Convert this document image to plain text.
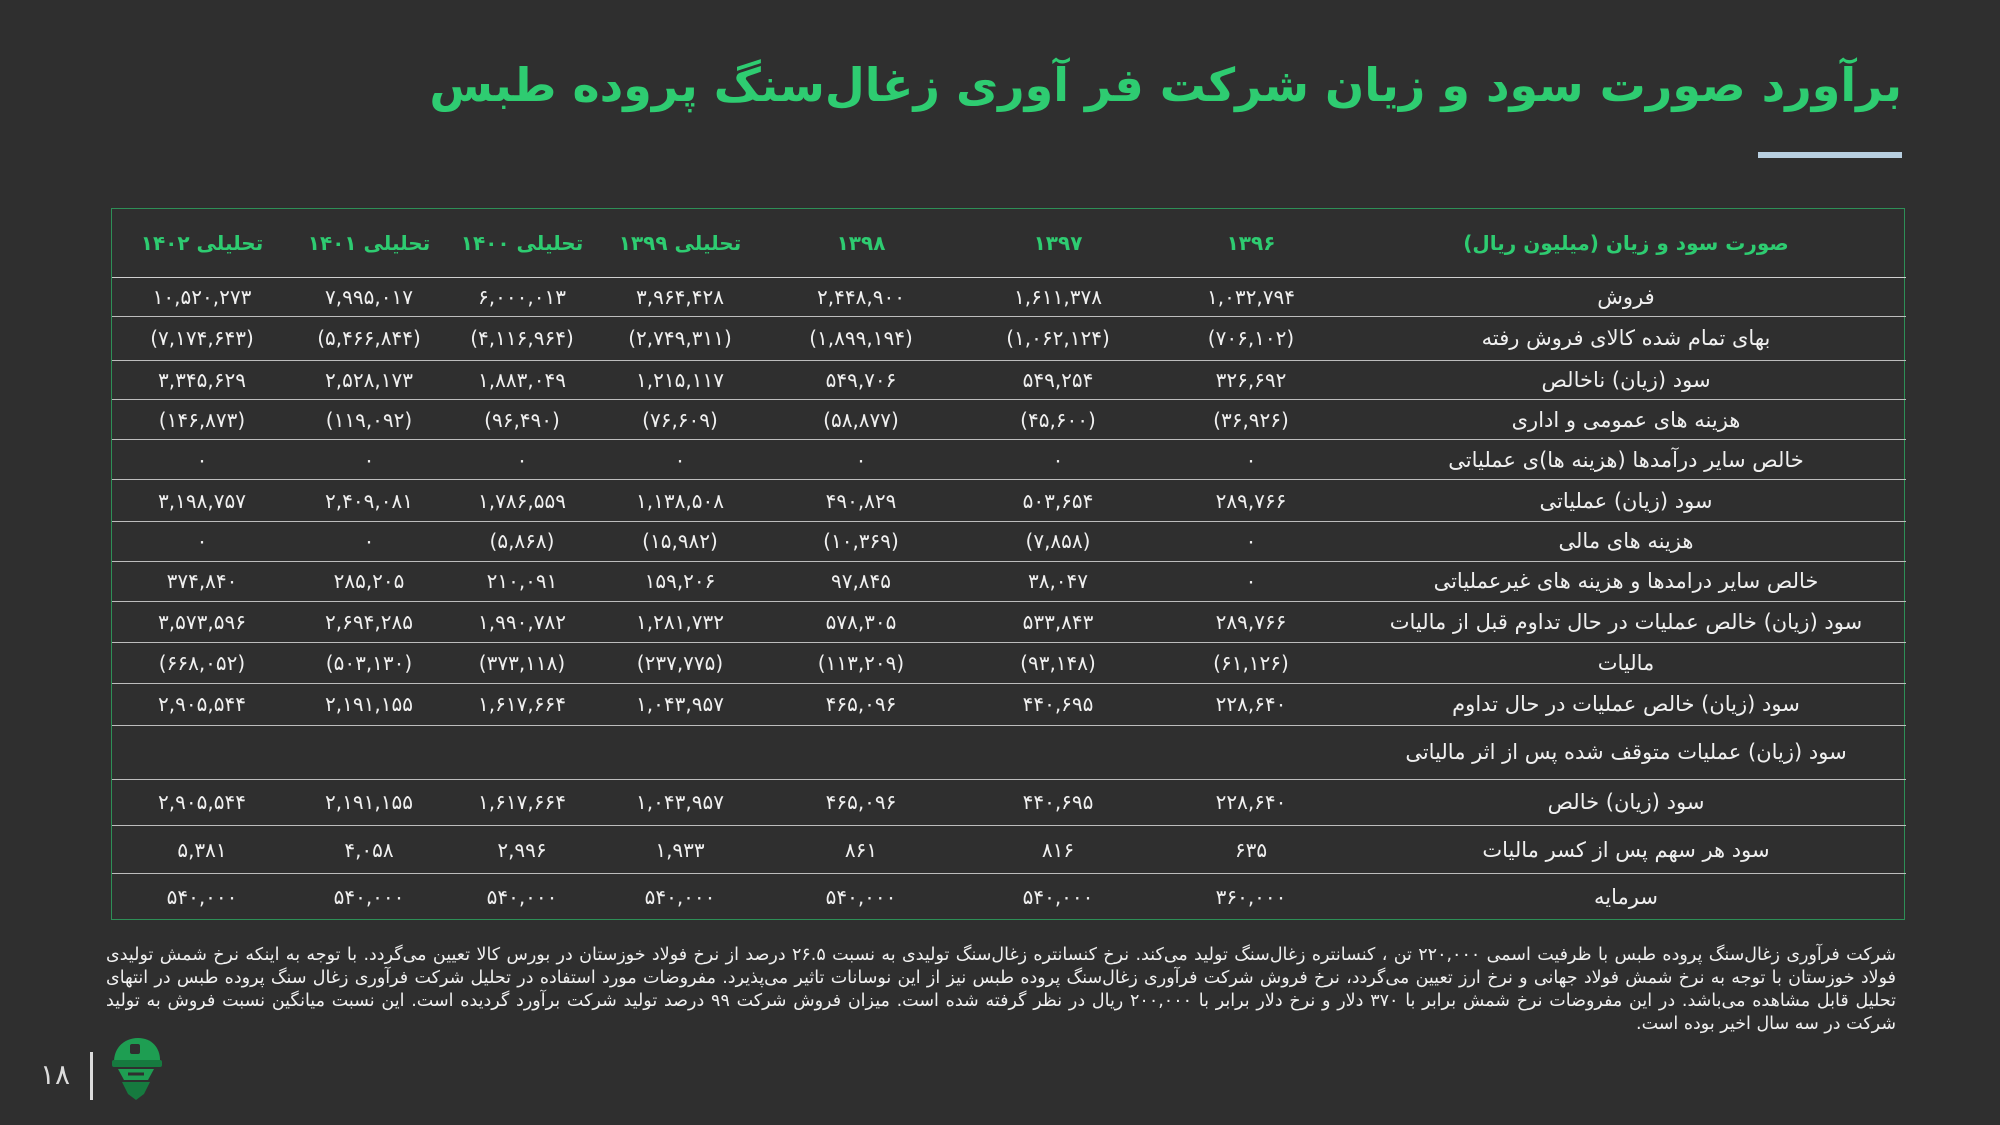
برآورد صورت سود و زیان شرکت فر آوری زغال‌سنگ پروده طبس
صورت سود و زیان (میلیون ریال)	۱۳۹۶	۱۳۹۷	۱۳۹۸	تحلیلی ۱۳۹۹	تحلیلی ۱۴۰۰	تحلیلی ۱۴۰۱	تحلیلی ۱۴۰۲
فروش	۱,۰۳۲,۷۹۴	۱,۶۱۱,۳۷۸	۲,۴۴۸,۹۰۰	۳,۹۶۴,۴۲۸	۶,۰۰۰,۰۱۳	۷,۹۹۵,۰۱۷	۱۰,۵۲۰,۲۷۳
بهای تمام شده کالای فروش رفته	(۷۰۶,۱۰۲)	(۱,۰۶۲,۱۲۴)	(۱,۸۹۹,۱۹۴)	(۲,۷۴۹,۳۱۱)	(۴,۱۱۶,۹۶۴)	(۵,۴۶۶,۸۴۴)	(۷,۱۷۴,۶۴۳)
سود (زیان) ناخالص	۳۲۶,۶۹۲	۵۴۹,۲۵۴	۵۴۹,۷۰۶	۱,۲۱۵,۱۱۷	۱,۸۸۳,۰۴۹	۲,۵۲۸,۱۷۳	۳,۳۴۵,۶۲۹
هزینه های عمومی و اداری	(۳۶,۹۲۶)	(۴۵,۶۰۰)	(۵۸,۸۷۷)	(۷۶,۶۰۹)	(۹۶,۴۹۰)	(۱۱۹,۰۹۲)	(۱۴۶,۸۷۳)
خالص سایر درآمدها (هزینه ها)ی عملیاتی	۰	۰	۰	۰	۰	۰	۰
سود (زیان) عملیاتی	۲۸۹,۷۶۶	۵۰۳,۶۵۴	۴۹۰,۸۲۹	۱,۱۳۸,۵۰۸	۱,۷۸۶,۵۵۹	۲,۴۰۹,۰۸۱	۳,۱۹۸,۷۵۷
هزینه های مالی	۰	(۷,۸۵۸)	(۱۰,۳۶۹)	(۱۵,۹۸۲)	(۵,۸۶۸)	۰	۰
خالص سایر درامدها و هزینه های غیرعملیاتی	۰	۳۸,۰۴۷	۹۷,۸۴۵	۱۵۹,۲۰۶	۲۱۰,۰۹۱	۲۸۵,۲۰۵	۳۷۴,۸۴۰
سود (زیان) خالص عملیات در حال تداوم قبل از مالیات	۲۸۹,۷۶۶	۵۳۳,۸۴۳	۵۷۸,۳۰۵	۱,۲۸۱,۷۳۲	۱,۹۹۰,۷۸۲	۲,۶۹۴,۲۸۵	۳,۵۷۳,۵۹۶
مالیات	(۶۱,۱۲۶)	(۹۳,۱۴۸)	(۱۱۳,۲۰۹)	(۲۳۷,۷۷۵)	(۳۷۳,۱۱۸)	(۵۰۳,۱۳۰)	(۶۶۸,۰۵۲)
سود (زیان) خالص عملیات در حال تداوم	۲۲۸,۶۴۰	۴۴۰,۶۹۵	۴۶۵,۰۹۶	۱,۰۴۳,۹۵۷	۱,۶۱۷,۶۶۴	۲,۱۹۱,۱۵۵	۲,۹۰۵,۵۴۴
سود (زیان) عملیات متوقف شده پس از اثر مالیاتی							
سود (زیان) خالص	۲۲۸,۶۴۰	۴۴۰,۶۹۵	۴۶۵,۰۹۶	۱,۰۴۳,۹۵۷	۱,۶۱۷,۶۶۴	۲,۱۹۱,۱۵۵	۲,۹۰۵,۵۴۴
سود هر سهم پس از کسر مالیات	۶۳۵	۸۱۶	۸۶۱	۱,۹۳۳	۲,۹۹۶	۴,۰۵۸	۵,۳۸۱
سرمایه	۳۶۰,۰۰۰	۵۴۰,۰۰۰	۵۴۰,۰۰۰	۵۴۰,۰۰۰	۵۴۰,۰۰۰	۵۴۰,۰۰۰	۵۴۰,۰۰۰

شرکت فرآوری زغال‌سنگ پروده طبس با ظرفیت اسمی ۲۲۰,۰۰۰ تن ، کنسانتره زغال‌سنگ تولید می‌کند. نرخ کنسانتره زغال‌سنگ تولیدی به نسبت ۲۶.۵ درصد از نرخ فولاد خوزستان در بورس کالا تعیین می‌گردد. با توجه به اینکه نرخ شمش تولیدی فولاد خوزستان با توجه به نرخ شمش فولاد جهانی و نرخ ارز تعیین می‌گردد، نرخ فروش شرکت فرآوری زغال‌سنگ پروده طبس نیز از این نوسانات تاثیر می‌پذیرد. مفروضات مورد استفاده در تحلیل شرکت فرآوری زغال سنگ پروده طبس در انتهای تحلیل قابل مشاهده می‌باشد. در این مفروضات نرخ شمش برابر با ۳۷۰ دلار و نرخ دلار برابر با ۲۰۰,۰۰۰ ریال در نظر گرفته شده است. میزان فروش شرکت ۹۹ درصد تولید شرکت برآورد گردیده است. این نسبت میانگین نسبت فروش به تولید شرکت در سه سال اخیر بوده است.

۱۸
